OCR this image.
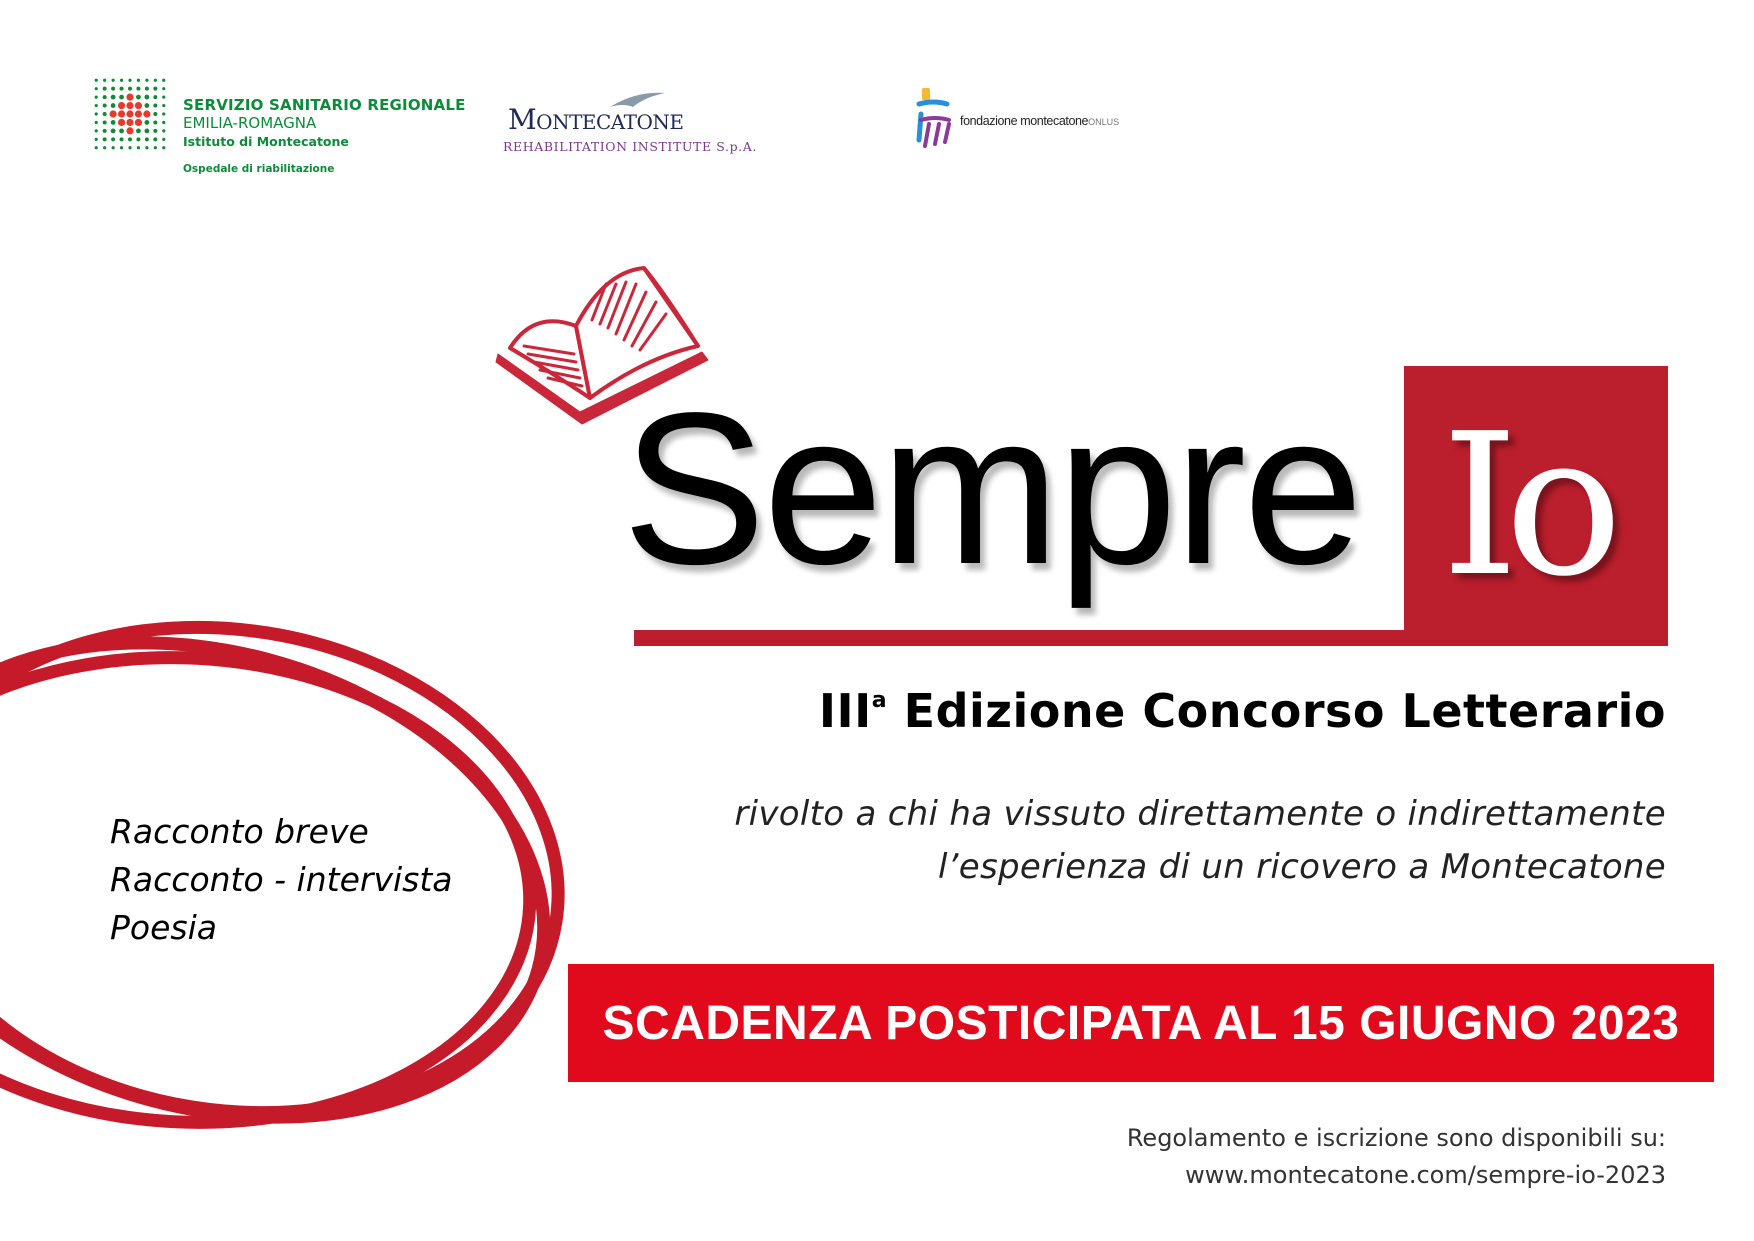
SERVIZIO SANITARIO REGIONALE
EMILIA-ROMAGNA
Istituto di Montecatone
Ospedale di riabilitazione
Montecatone
REHABILITATION INSTITUTE S.p.A.
fondazione montecatoneONLUS
Io
Sempre
III$^a$ Edizione Concorso Letterario
rivolto a chi ha vissuto direttamente o indirettamente
l’esperienza di un ricovero a Montecatone
Racconto breve
Racconto - intervista
Poesia
SCADENZA POSTICIPATA AL 15 GIUGNO 2023
Regolamento e iscrizione sono disponibili su:
www.montecatone.com/sempre-io-2023
